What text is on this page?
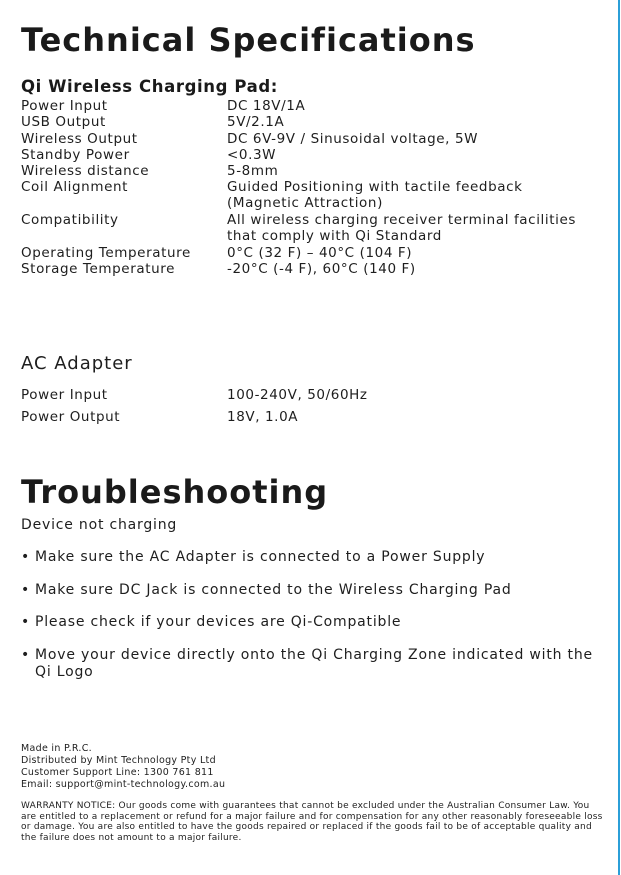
Technical Specifications
Qi Wireless Charging Pad:
Power Input	DC 18V/1A
USB Output	5V/2.1A
Wireless Output	DC 6V-9V / Sinusoidal voltage, 5W
Standby Power	<0.3W
Wireless distance	5-8mm
Coil Alignment	Guided Positioning with tactile feedback
(Magnetic Attraction)
Compatibility	All wireless charging receiver terminal facilities
that comply with Qi Standard
Operating Temperature	0°C (32 F) – 40°C (104 F)
Storage Temperature	-20°C (-4 F), 60°C (140 F)
AC Adapter
Power Input	100-240V, 50/60Hz
Power Output	18V, 1.0A
Troubleshooting
Device not charging
• Make sure the AC Adapter is connected to a Power Supply
• Make sure DC Jack is connected to the Wireless Charging Pad
• Please check if your devices are Qi-Compatible
• Move your device directly onto the Qi Charging Zone indicated with the Qi Logo
Made in P.R.C.
Distributed by Mint Technology Pty Ltd
Customer Support Line: 1300 761 811
Email: support@mint-technology.com.au
WARRANTY NOTICE: Our goods come with guarantees that cannot be excluded under the Australian Consumer Law. You are entitled to a replacement or refund for a major failure and for compensation for any other reasonably foreseeable loss or damage. You are also entitled to have the goods repaired or replaced if the goods fail to be of acceptable quality and the failure does not amount to a major failure.
